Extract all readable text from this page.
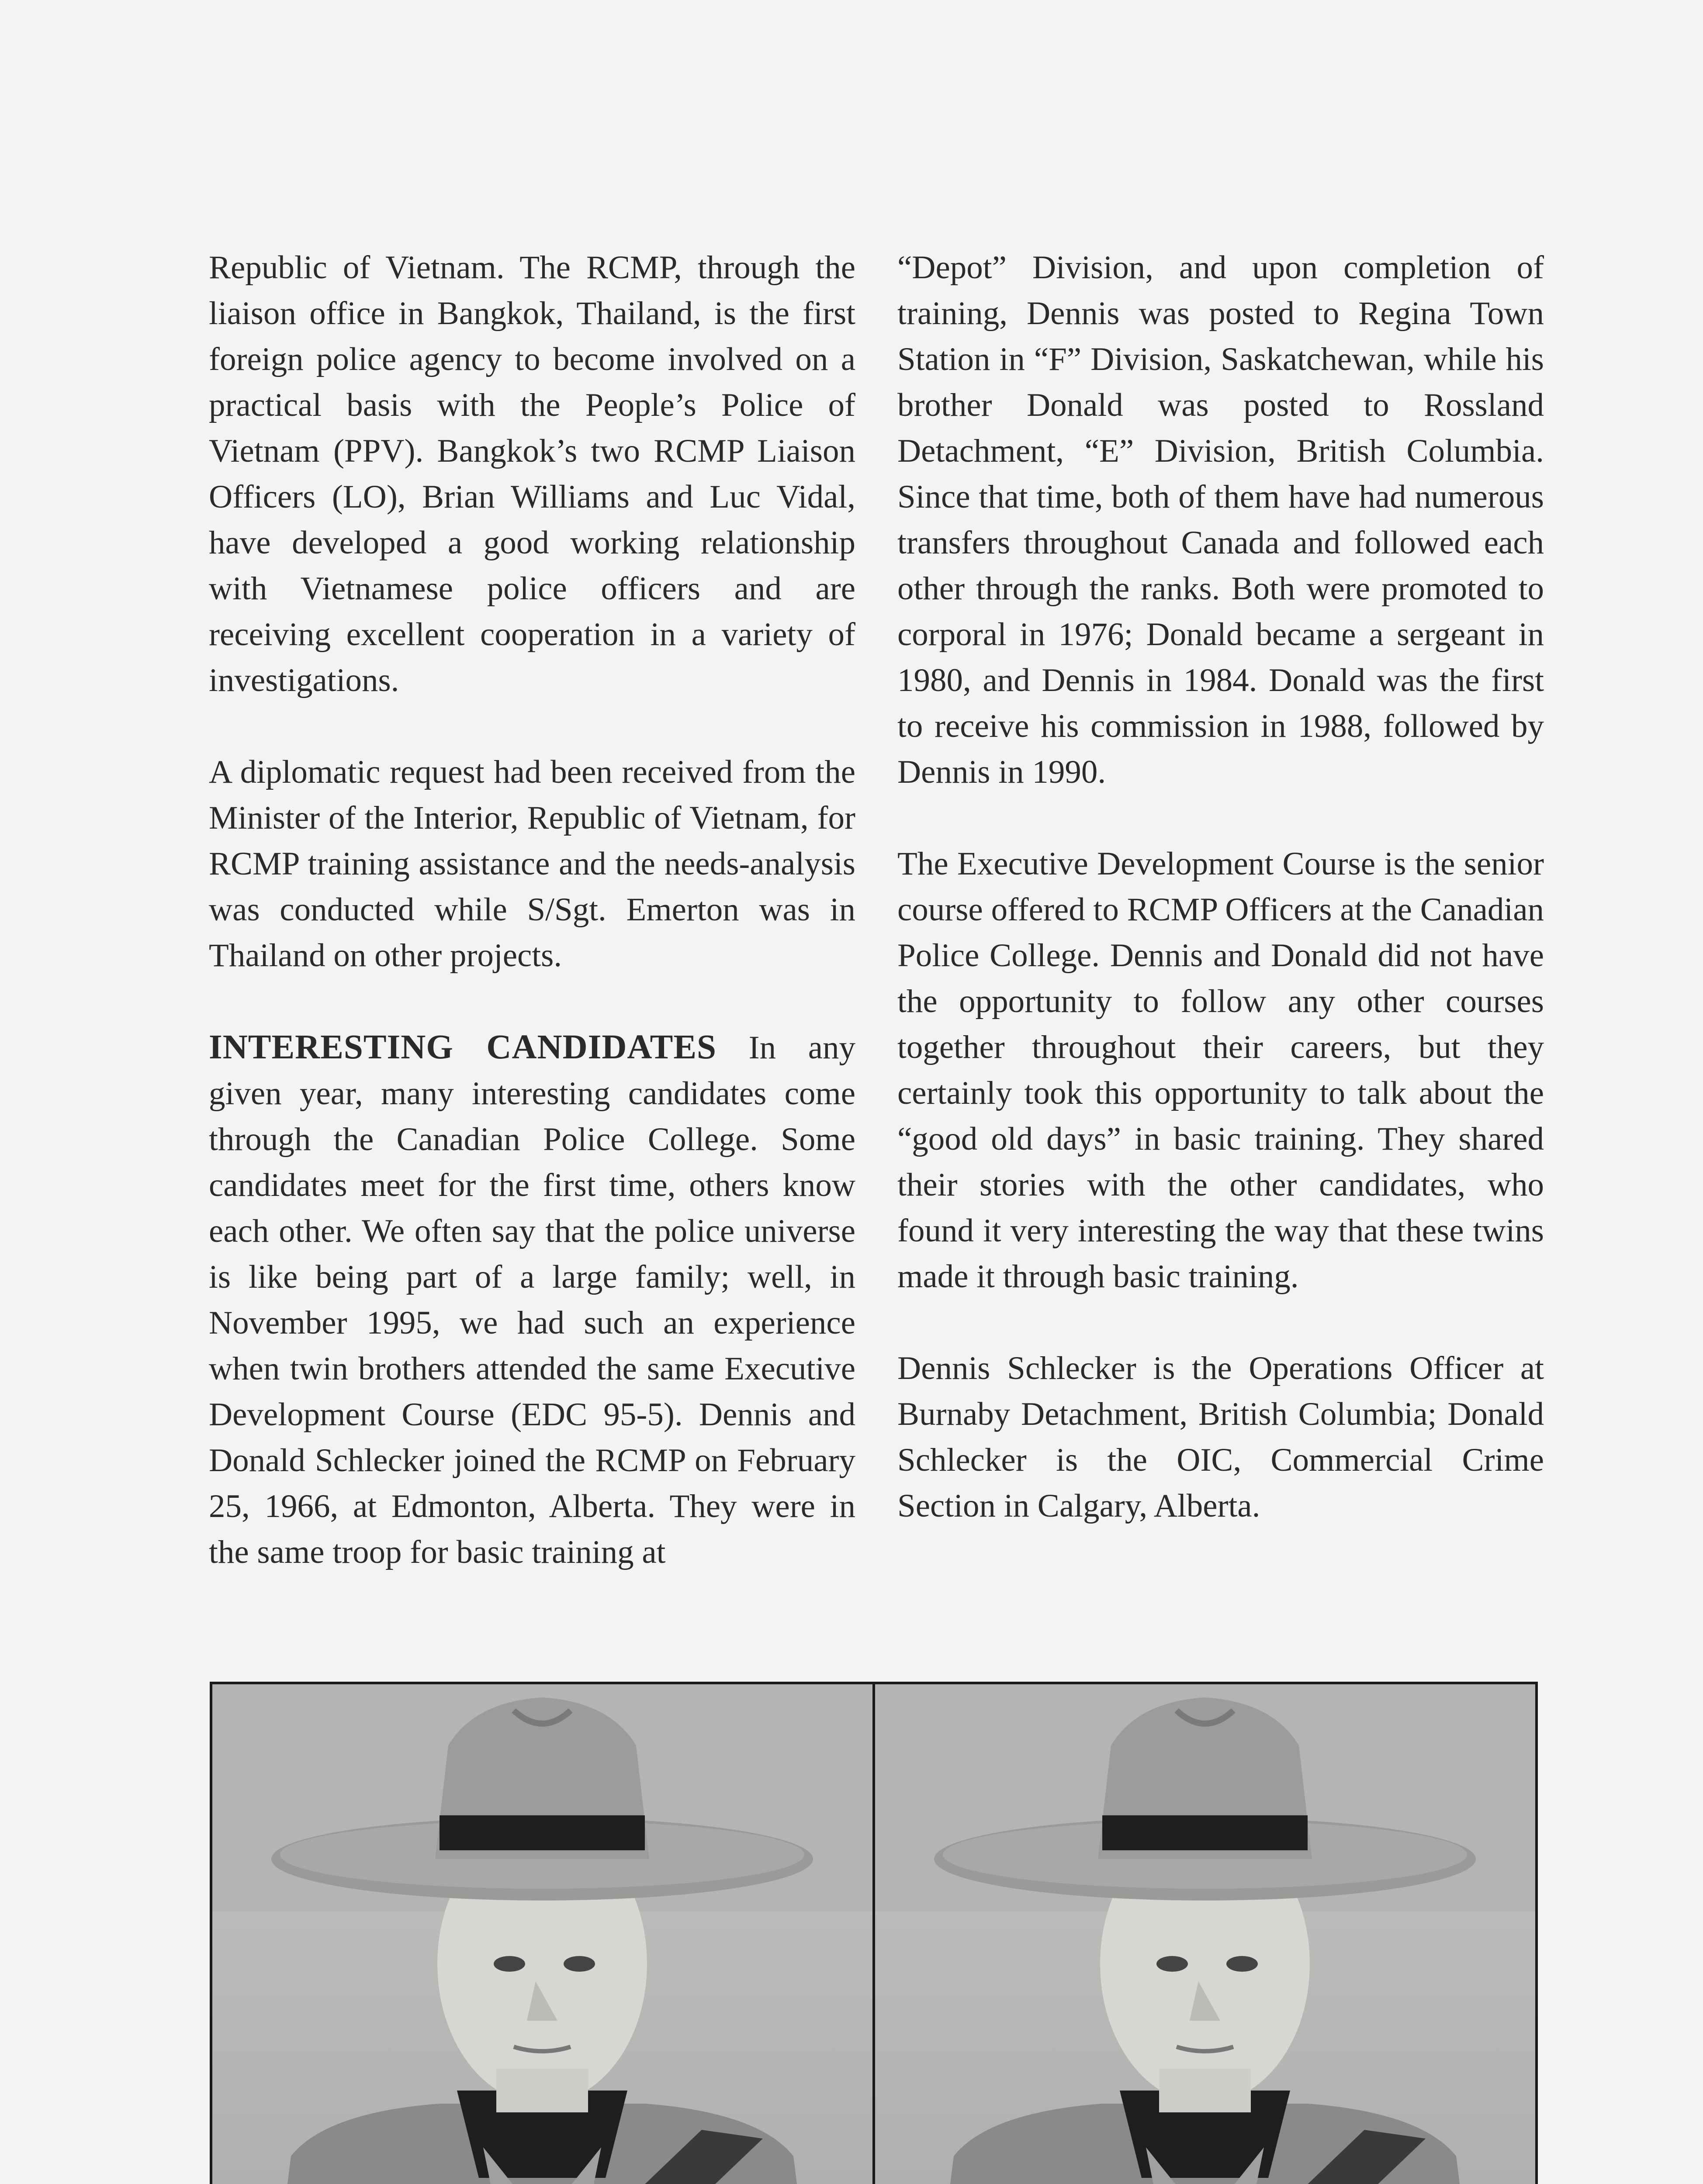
Republic of Vietnam. The RCMP, through the liaison office in Bangkok, Thailand, is the first foreign police agency to become involved on a practical basis with the People’s Police of Vietnam (PPV). Bangkok’s two RCMP Liaison Officers (LO), Brian Williams and Luc Vidal, have developed a good working relationship with Vietnamese police officers and are receiving excellent cooperation in a variety of investigations.

A diplomatic request had been received from the Minister of the Interior, Republic of Vietnam, for RCMP training assistance and the needs-analysis was conducted while S/Sgt. Emerton was in Thailand on other projects.

INTERESTING CANDIDATES In any given year, many interesting candidates come through the Canadian Police College. Some candidates meet for the first time, others know each other. We often say that the police universe is like being part of a large family; well, in November 1995, we had such an experience when twin brothers attended the same Executive Development Course (EDC 95-5). Dennis and Donald Schlecker joined the RCMP on February 25, 1966, at Edmonton, Alberta. They were in the same troop for basic training at

“Depot” Division, and upon completion of training, Dennis was posted to Regina Town Station in “F” Division, Saskatchewan, while his brother Donald was posted to Rossland Detachment, “E” Division, British Columbia. Since that time, both of them have had numerous transfers throughout Canada and followed each other through the ranks. Both were promoted to corporal in 1976; Donald became a sergeant in 1980, and Dennis in 1984. Donald was the first to receive his commission in 1988, followed by Dennis in 1990.

The Executive Development Course is the senior course offered to RCMP Officers at the Canadian Police College. Dennis and Donald did not have the opportunity to follow any other courses together throughout their careers, but they certainly took this opportunity to talk about the “good old days” in basic training. They shared their stories with the other candidates, who found it very interesting the way that these twins made it through basic training.

Dennis Schlecker is the Operations Officer at Burnaby Detachment, British Columbia; Donald Schlecker is the OIC, Commercial Crime Section in Calgary, Alberta.
